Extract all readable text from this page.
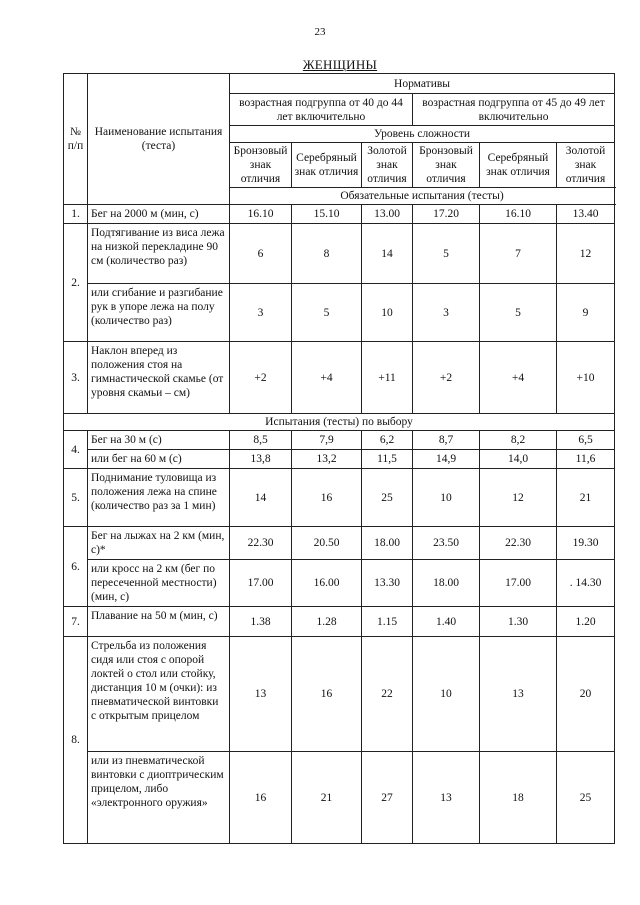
23
ЖЕНЩИНЫ
№ п/п	Наименование испытания (теста)	Нормативы					
		возрастная подгруппа от 40 до 44 лет включительно			возрастная подгруппа от 45 до 49 лет включительно		
		Уровень сложности					
		Бронзовый знак отличия	Серебряный знак отличия	Золотой знак отличия	Бронзовый знак отличия	Серебряный знак отличия	Золотой знак отличия
		Обязательные испытания (тесты)					
1.	Бег на 2000 м (мин, с)	16.10	15.10	13.00	17.20	16.10	13.40
2.	Подтягивание из виса лежа на низкой перекладине 90 см (количество раз)	6	8	14	5	7	12
	или сгибание и разгибание рук в упоре лежа на полу (количество раз)	3	5	10	3	5	9
3.	Наклон вперед из положения стоя на гимнастической скамье (от уровня скамьи – см)	+2	+4	+11	+2	+4	+10
Испытания (тесты) по выбору							
4.	Бег на 30 м (с)	8,5	7,9	6,2	8,7	8,2	6,5
	или бег на 60 м (с)	13,8	13,2	11,5	14,9	14,0	11,6
5.	Поднимание туловища из положения лежа на спине (количество раз за 1 мин)	14	16	25	10	12	21
6.	Бег на лыжах на 2 км (мин, с)*	22.30	20.50	18.00	23.50	22.30	19.30
	или кросс на 2 км (бег по пересеченной местности) (мин, с)	17.00	16.00	13.30	18.00	17.00	. 14.30
7.	Плавание на 50 м (мин, с)	1.38	1.28	1.15	1.40	1.30	1.20
8.	Стрельба из положения сидя или стоя с опорой локтей о стол или стойку, дистанция 10 м (очки): из пневматической винтовки с открытым прицелом	13	16	22	10	13	20
	или из пневматической винтовки с диоптрическим прицелом, либо «электронного оружия»	16	21	27	13	18	25
